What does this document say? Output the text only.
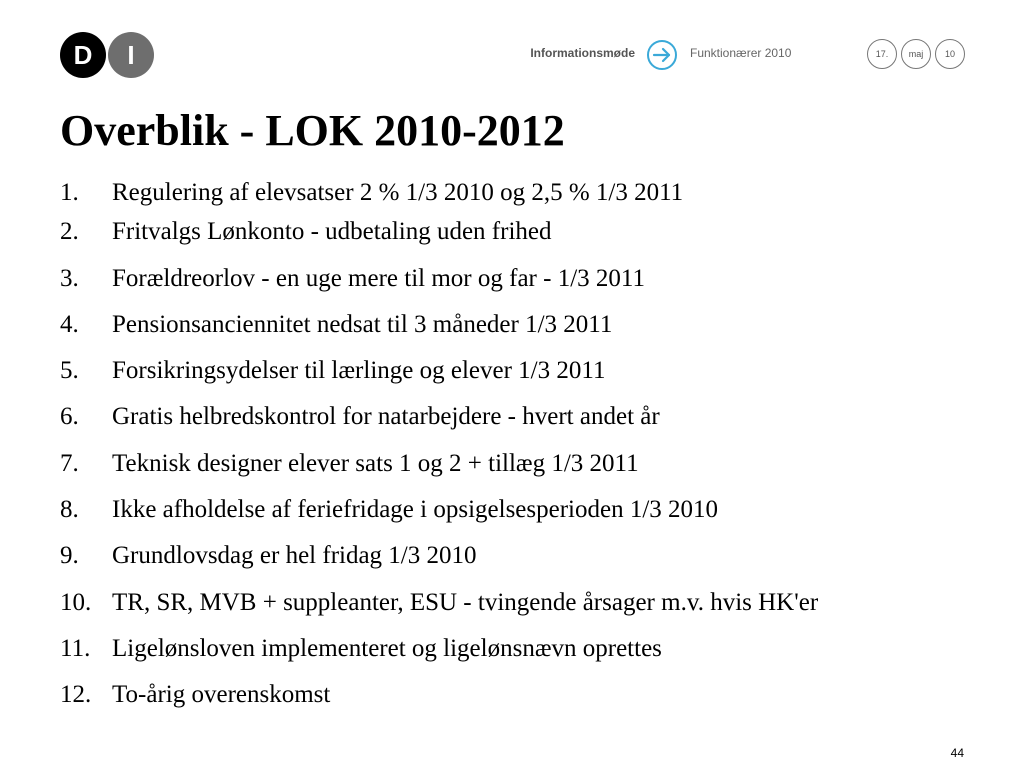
D	I	Informationsmøde	Funktionærer 2010	17.	maj	10
Overblik - LOK 2010-2012
1. Regulering af elevsatser 2 % 1/3 2010 og 2,5 % 1/3 2011
2. Fritvalgs Lønkonto - udbetaling uden frihed
3. Forældreorlov - en uge mere til mor og far - 1/3 2011
4. Pensionsanciennitet nedsat til 3 måneder 1/3 2011
5. Forsikringsydelser til lærlinge og elever 1/3 2011
6. Gratis helbredskontrol for natarbejdere - hvert andet år
7. Teknisk designer elever sats 1 og 2 + tillæg 1/3 2011
8. Ikke afholdelse af feriefridage i opsigelsesperioden 1/3 2010
9. Grundlovsdag er hel fridag 1/3 2010
10. TR, SR, MVB + suppleanter, ESU - tvingende årsager m.v. hvis HK'er
11. Ligelønsloven implementeret og ligelønsnævn oprettes
12. To-årig overenskomst
44
